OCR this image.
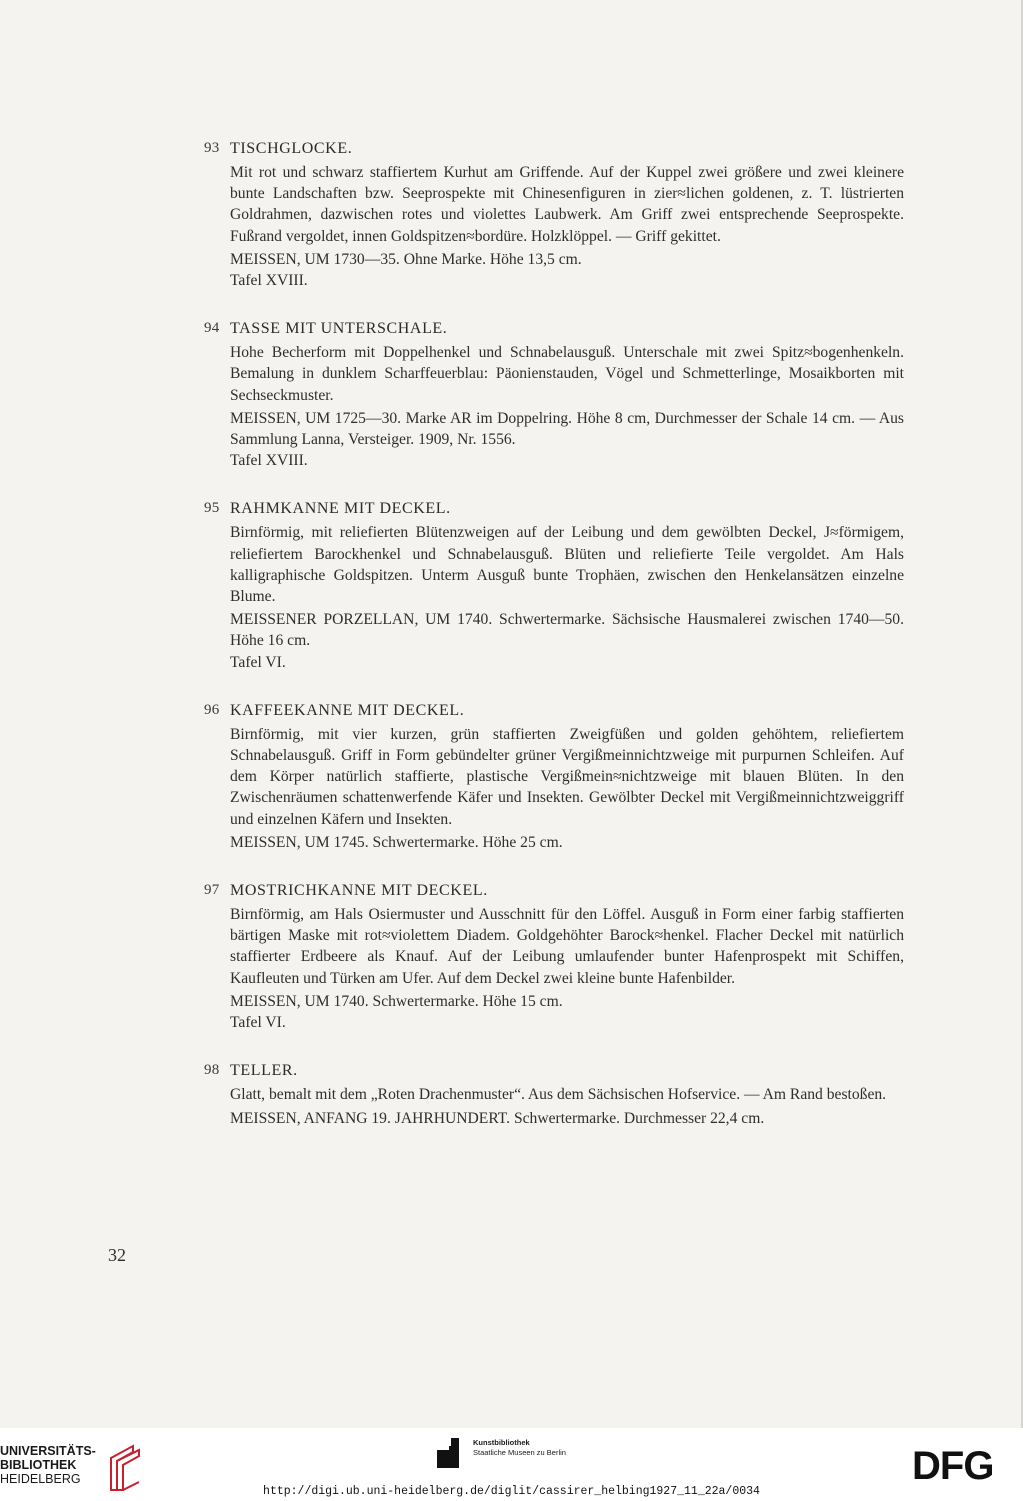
93 TISCHGLOCKE.

Mit rot und schwarz staffiertem Kurhut am Griffende. Auf der Kuppel zwei größere und zwei kleinere bunte Landschaften bzw. Seeprospekte mit Chinesenfiguren in zier≈lichen goldenen, z. T. lüstrierten Goldrahmen, dazwischen rotes und violettes Laubwerk. Am Griff zwei entsprechende Seeprospekte. Fußrand vergoldet, innen Goldspitzen≈bordüre. Holzklöppel. — Griff gekittet.

MEISSEN, UM 1730—35. Ohne Marke. Höhe 13,5 cm.

Tafel XVIII.

94 TASSE MIT UNTERSCHALE.

Hohe Becherform mit Doppelhenkel und Schnabelausguß. Unterschale mit zwei Spitz≈bogenhenkeln. Bemalung in dunklem Scharffeuerblau: Päonienstauden, Vögel und Schmetterlinge, Mosaikborten mit Sechseckmuster.

MEISSEN, UM 1725—30. Marke AR im Doppelring. Höhe 8 cm, Durchmesser der Schale 14 cm. — Aus Sammlung Lanna, Versteiger. 1909, Nr. 1556.

Tafel XVIII.

95 RAHMKANNE MIT DECKEL.

Birnförmig, mit reliefierten Blütenzweigen auf der Leibung und dem gewölbten Deckel, J≈förmigem, reliefiertem Barockhenkel und Schnabelausguß. Blüten und reliefierte Teile vergoldet. Am Hals kalligraphische Goldspitzen. Unterm Ausguß bunte Trophäen, zwischen den Henkelansätzen einzelne Blume.

MEISSENER PORZELLAN, UM 1740. Schwertermarke. Sächsische Hausmalerei zwischen 1740—50. Höhe 16 cm.

Tafel VI.

96 KAFFEEKANNE MIT DECKEL.

Birnförmig, mit vier kurzen, grün staffierten Zweigfüßen und golden gehöhtem, reliefiertem Schnabelausguß. Griff in Form gebündelter grüner Vergißmeinnichtzweige mit purpurnen Schleifen. Auf dem Körper natürlich staffierte, plastische Vergißmein≈nichtzweige mit blauen Blüten. In den Zwischenräumen schattenwerfende Käfer und Insekten. Gewölbter Deckel mit Vergißmeinnichtzweiggriff und einzelnen Käfern und Insekten.

MEISSEN, UM 1745. Schwertermarke. Höhe 25 cm.

97 MOSTRICHKANNE MIT DECKEL.

Birnförmig, am Hals Osiermuster und Ausschnitt für den Löffel. Ausguß in Form einer farbig staffierten bärtigen Maske mit rot≈violettem Diadem. Goldgehöhter Barock≈henkel. Flacher Deckel mit natürlich staffierter Erdbeere als Knauf. Auf der Leibung umlaufender bunter Hafenprospekt mit Schiffen, Kaufleuten und Türken am Ufer. Auf dem Deckel zwei kleine bunte Hafenbilder.

MEISSEN, UM 1740. Schwertermarke. Höhe 15 cm.

Tafel VI.

98 TELLER.

Glatt, bemalt mit dem „Roten Drachenmuster“. Aus dem Sächsischen Hofservice. — Am Rand bestoßen.

MEISSEN, ANFANG 19. JAHRHUNDERT. Schwertermarke. Durchmesser 22,4 cm.

32
UNIVERSITÄTS-
BIBLIOTHEK
HEIDELBERG
Kunstbibliothek
Staatliche Museen zu Berlin	DFG
http://digi.ub.uni-heidelberg.de/diglit/cassirer_helbing1927_11_22a/0034
